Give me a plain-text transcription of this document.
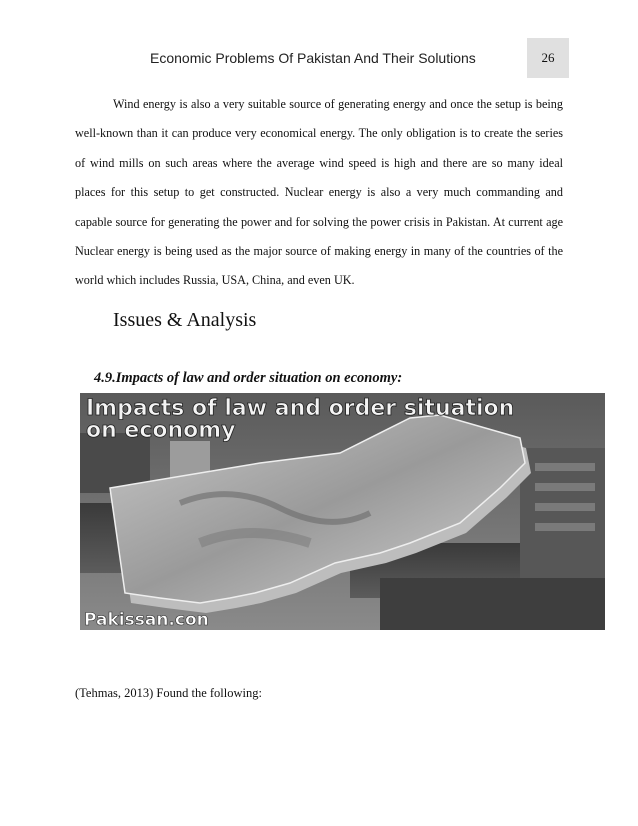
Economic Problems Of Pakistan And Their Solutions	26

Wind energy is also a very suitable source of generating energy and once the setup is being well-known than it can produce very economical energy. The only obligation is to create the series of wind mills on such areas where the average wind speed is high and there are so many ideal places for this setup to get constructed. Nuclear energy is also a very much commanding and capable source for generating the power and for solving the power crisis in Pakistan. At current age Nuclear energy is being used as the major source of making energy in many of the countries of the world which includes Russia, USA, China, and even UK.

Issues & Analysis
4.9.Impacts of law and order situation on economy:
Impacts of law and order situation
on economy
Pakissan.con

(Tehmas, 2013) Found the following:
